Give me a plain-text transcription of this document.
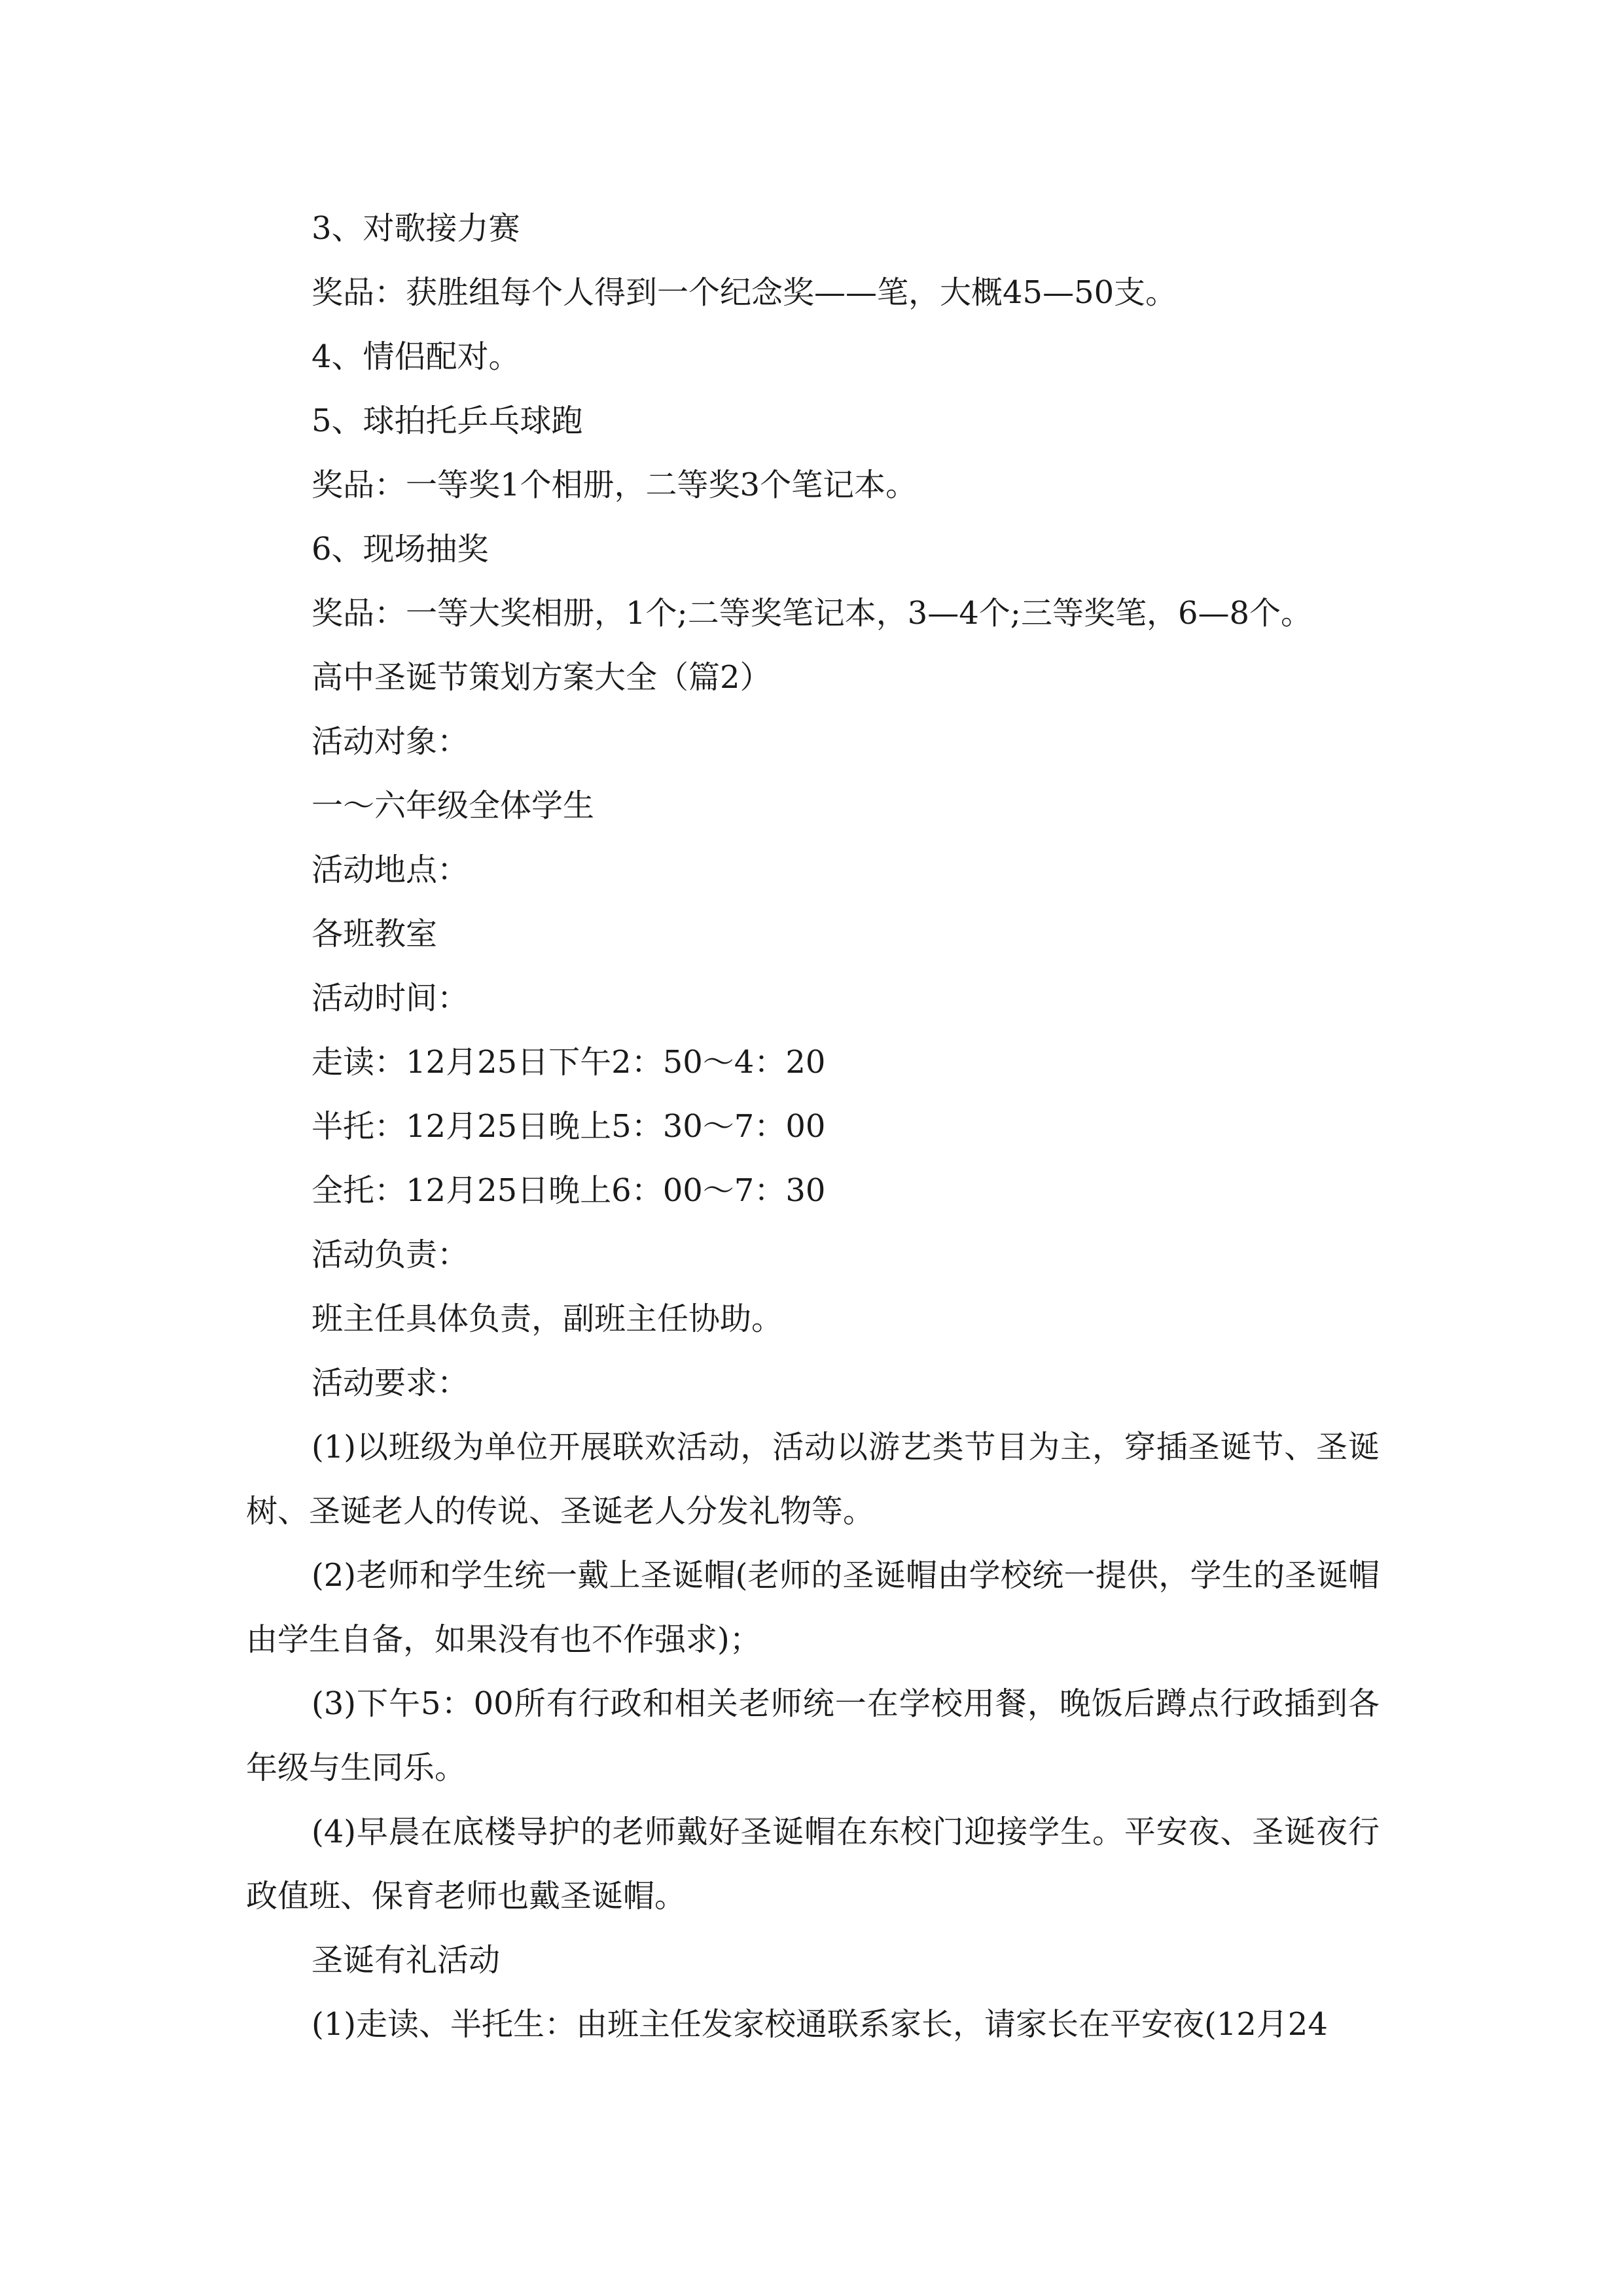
3、对歌接力赛

奖品：获胜组每个人得到一个纪念奖——笔，大概45—50支。

4、情侣配对。

5、球拍托乒乓球跑

奖品：一等奖1个相册，二等奖3个笔记本。

6、现场抽奖

奖品：一等大奖相册，1个;二等奖笔记本，3—4个;三等奖笔，6—8个。

高中圣诞节策划方案大全（篇2）

活动对象：

一～六年级全体学生

活动地点：

各班教室

活动时间：

走读：12月25日下午2：50～4：20

半托：12月25日晚上5：30～7：00

全托：12月25日晚上6：00～7：30

活动负责：

班主任具体负责，副班主任协助。

活动要求：

(1)以班级为单位开展联欢活动，活动以游艺类节目为主，穿插圣诞节、圣诞树、圣诞老人的传说、圣诞老人分发礼物等。

(2)老师和学生统一戴上圣诞帽(老师的圣诞帽由学校统一提供，学生的圣诞帽由学生自备，如果没有也不作强求)；

(3)下午5：00所有行政和相关老师统一在学校用餐，晚饭后蹲点行政插到各年级与生同乐。

(4)早晨在底楼导护的老师戴好圣诞帽在东校门迎接学生。平安夜、圣诞夜行政值班、保育老师也戴圣诞帽。

圣诞有礼活动

(1)走读、半托生：由班主任发家校通联系家长，请家长在平安夜(12月24
